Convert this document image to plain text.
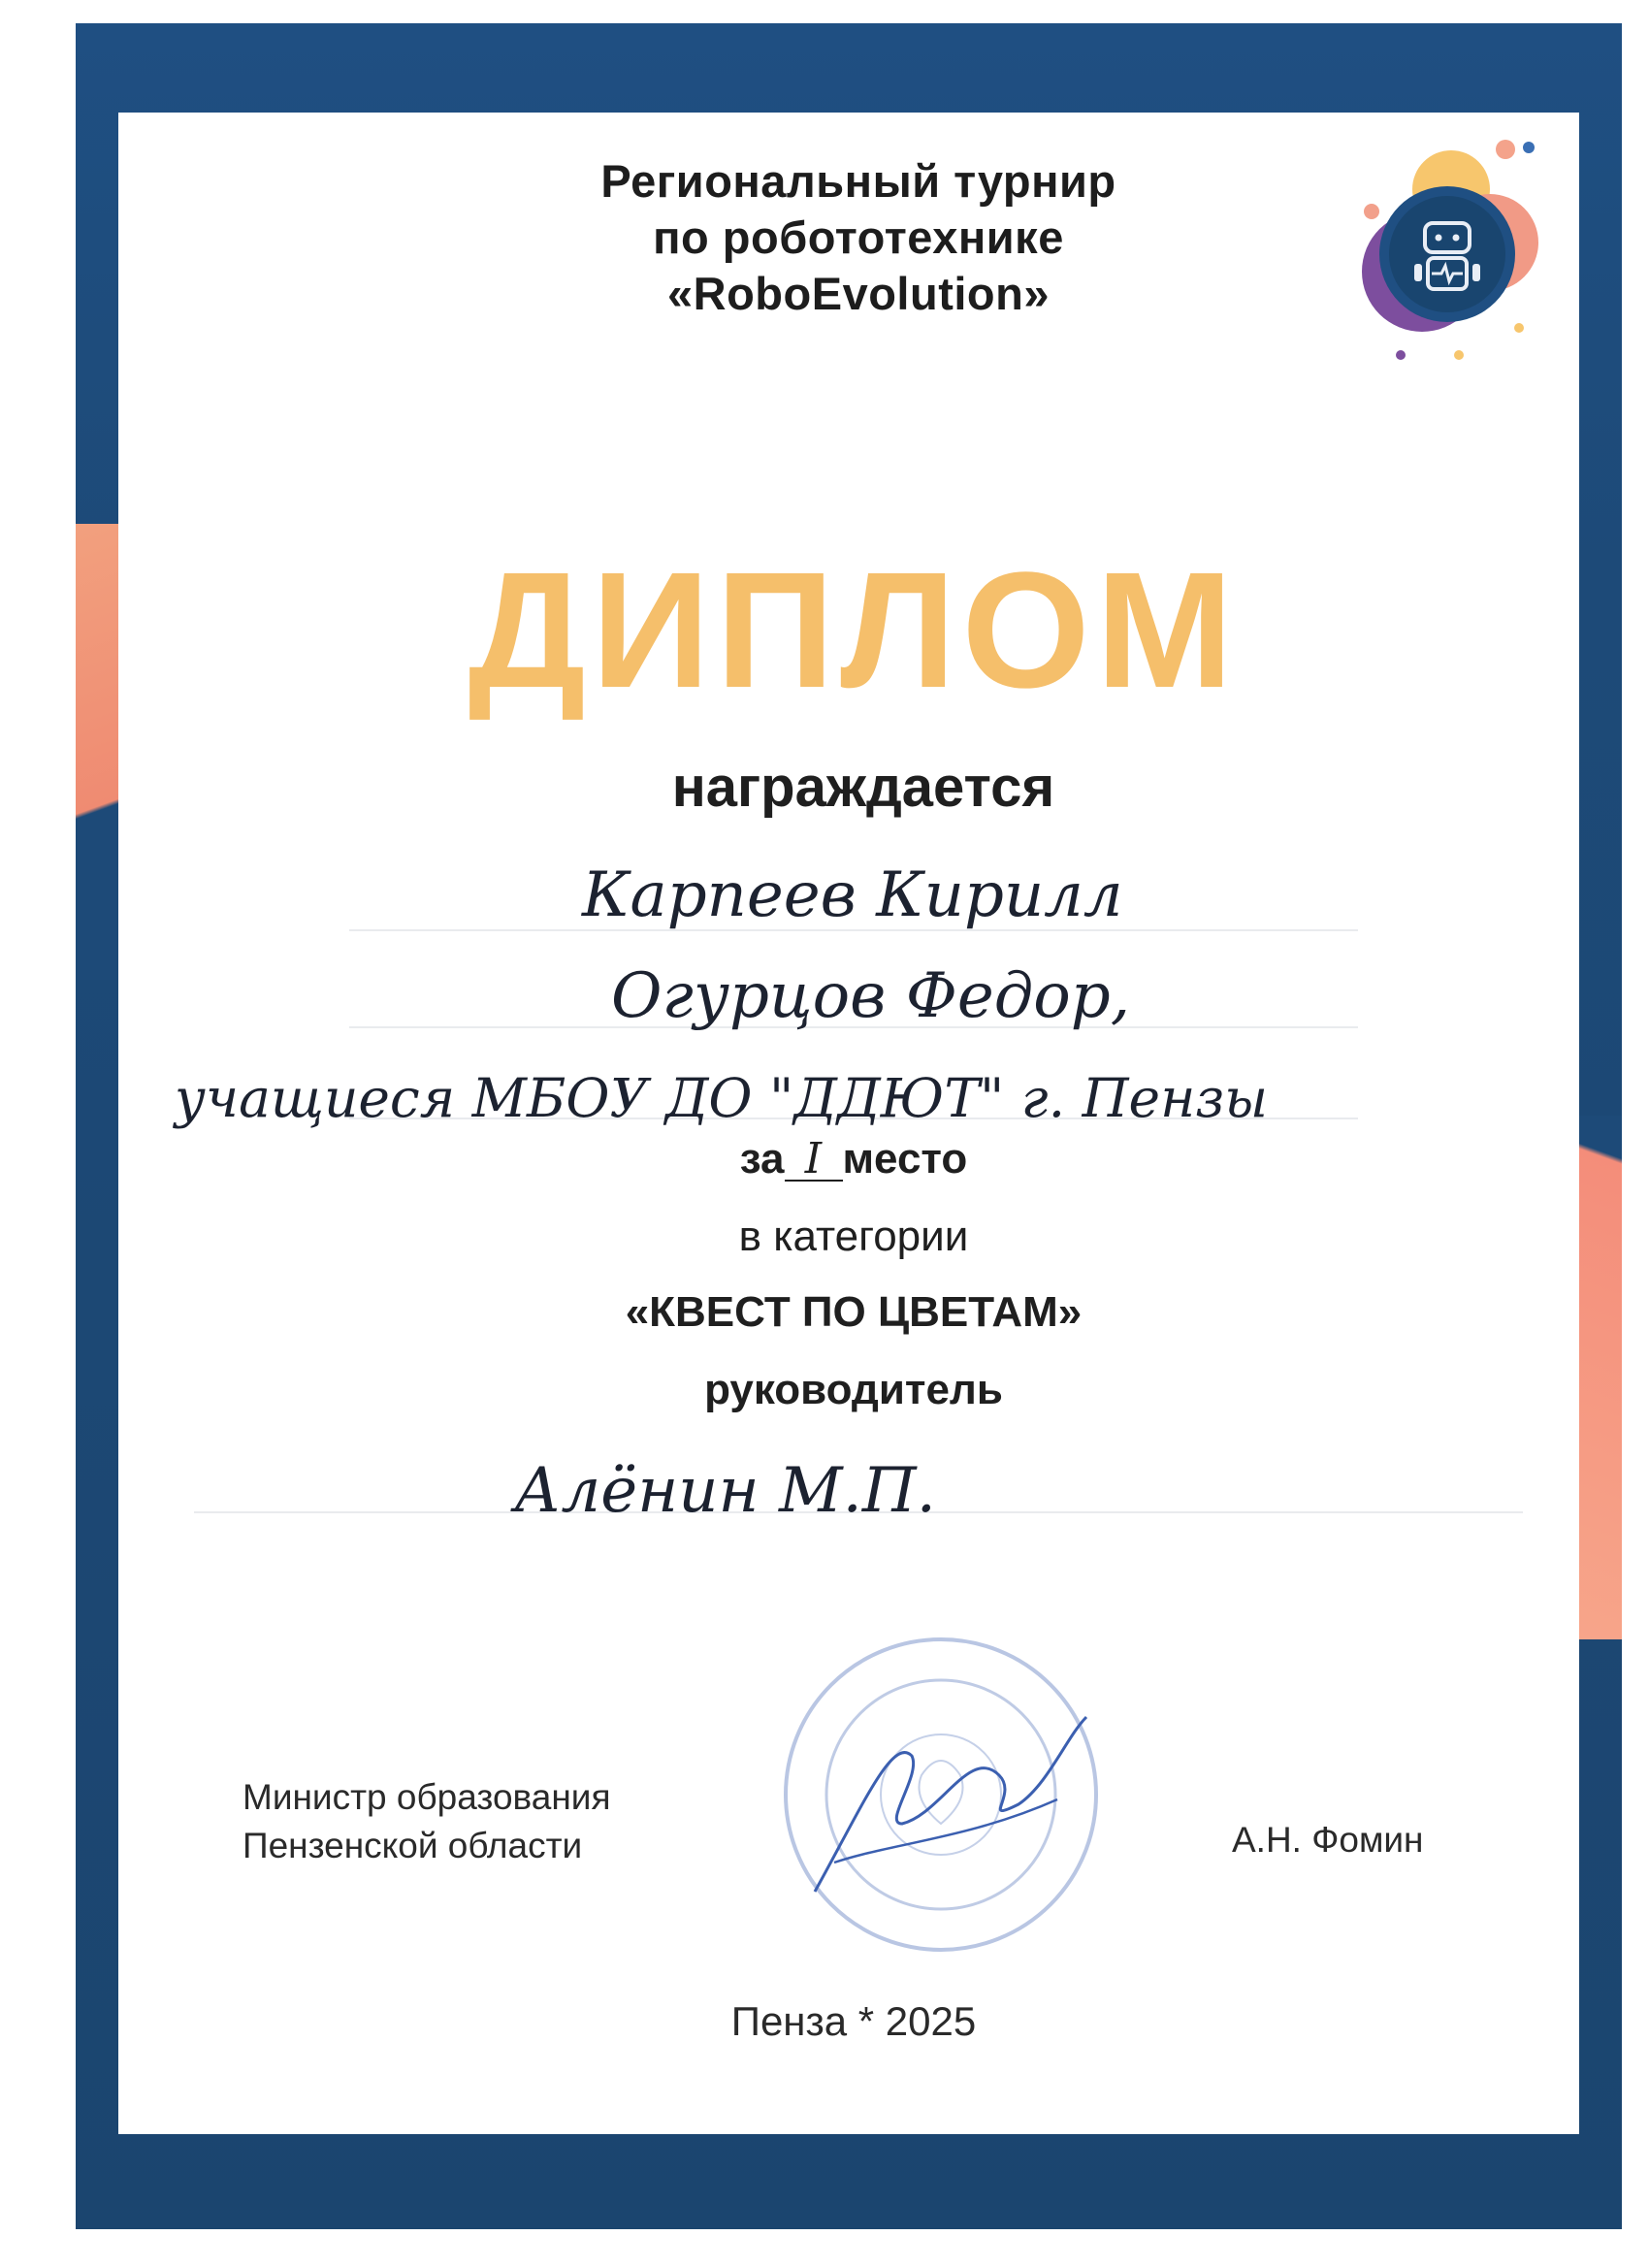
Региональный турнир
по робототехнике
«RoboEvolution»
ДИПЛОМ
награждается
Карпеев Кирилл
Огурцов Федор,
учащиеся МБОУ ДО "ДДЮТ" г. Пензы
за I место
в категории
«КВЕСТ ПО ЦВЕТАМ»
руководитель
Алёнин М.П.
Министр образования
Пензенской области	А.Н. Фомин
Пенза * 2025
